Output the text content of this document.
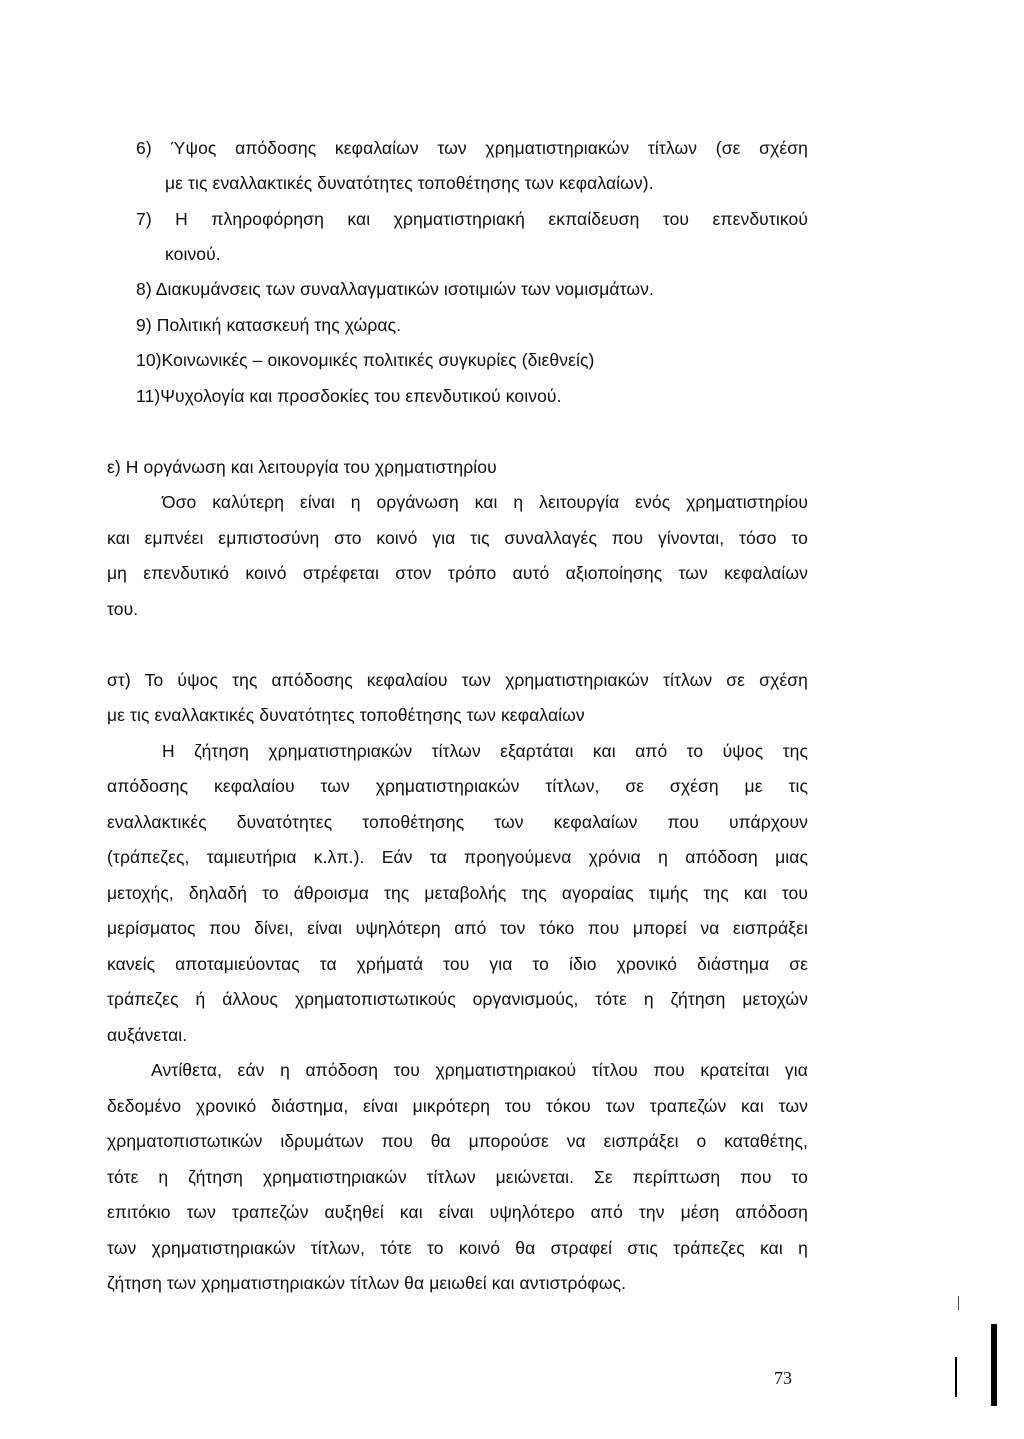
6) Ύψος απόδοσης κεφαλαίων των χρηματιστηριακών τίτλων (σε σχέση
με τις εναλλακτικές δυνατότητες τοποθέτησης των κεφαλαίων).
7) Η πληροφόρηση και χρηματιστηριακή εκπαίδευση του επενδυτικού
κοινού.
8) Διακυμάνσεις των συναλλαγματικών ισοτιμιών των νομισμάτων.
9) Πολιτική κατασκευή της χώρας.
10)Κοινωνικές – οικονομικές πολιτικές συγκυρίες (διεθνείς)
11)Ψυχολογία και προσδοκίες του επενδυτικού κοινού.
ε) Η οργάνωση και λειτουργία του χρηματιστηρίου
Όσο καλύτερη είναι η οργάνωση και η λειτουργία ενός χρηματιστηρίου
και εμπνέει εμπιστοσύνη στο κοινό για τις συναλλαγές που γίνονται, τόσο το
μη επενδυτικό κοινό στρέφεται στον τρόπο αυτό αξιοποίησης των κεφαλαίων
του.
στ) Το ύψος της απόδοσης κεφαλαίου των χρηματιστηριακών τίτλων σε σχέση
με τις εναλλακτικές δυνατότητες τοποθέτησης των κεφαλαίων
Η ζήτηση χρηματιστηριακών τίτλων εξαρτάται και από το ύψος της
απόδοσης κεφαλαίου των χρηματιστηριακών τίτλων, σε σχέση με τις
εναλλακτικές δυνατότητες τοποθέτησης των κεφαλαίων που υπάρχουν
(τράπεζες, ταμιευτήρια κ.λπ.). Εάν τα προηγούμενα χρόνια η απόδοση μιας
μετοχής, δηλαδή το άθροισμα της μεταβολής της αγοραίας τιμής της και του
μερίσματος που δίνει, είναι υψηλότερη από τον τόκο που μπορεί να εισπράξει
κανείς αποταμιεύοντας τα χρήματά του για το ίδιο χρονικό διάστημα σε
τράπεζες ή άλλους χρηματοπιστωτικούς οργανισμούς, τότε η ζήτηση μετοχών
αυξάνεται.
Αντίθετα, εάν η απόδοση του χρηματιστηριακού τίτλου που κρατείται για
δεδομένο χρονικό διάστημα, είναι μικρότερη του τόκου των τραπεζών και των
χρηματοπιστωτικών ιδρυμάτων που θα μπορούσε να εισπράξει ο καταθέτης,
τότε η ζήτηση χρηματιστηριακών τίτλων μειώνεται. Σε περίπτωση που το
επιτόκιο των τραπεζών αυξηθεί και είναι υψηλότερο από την μέση απόδοση
των χρηματιστηριακών τίτλων, τότε το κοινό θα στραφεί στις τράπεζες και η
ζήτηση των χρηματιστηριακών τίτλων θα μειωθεί και αντιστρόφως.
73
